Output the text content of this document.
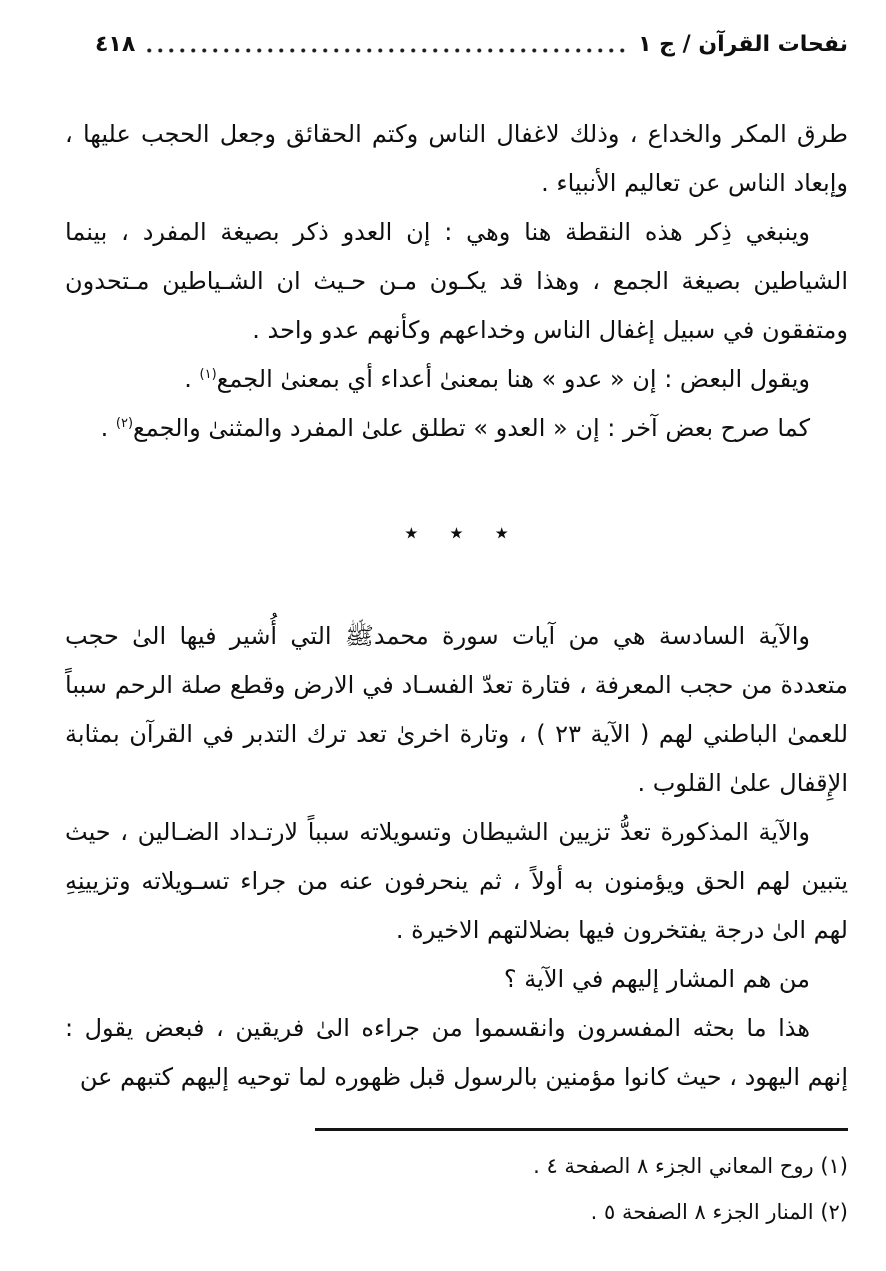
نفحات القرآن / ج ١
٤١٨

طرق المكر والخداع ، وذلك لاغفال الناس وكتم الحقائق وجعل الحجب عليها ، وإبعاد الناس عن تعاليم الأنبياء .

وينبغي ذِكر هذه النقطة هنا وهي : إن العدو ذكر بصيغة المفرد ، بينما الشياطين بصيغة الجمع ، وهذا قد يكـون مـن حـيث ان الشـياطين مـتحدون ومتفقون في سبيل إغفال الناس وخداعهم وكأنهم عدو واحد .

ويقول البعض : إن « عدو » هنا بمعنىٰ أعداء أي بمعنىٰ الجمع$^{(١)}$ .

كما صرح بعض آخر : إن « العدو » تطلق علىٰ المفرد والمثنىٰ والجمع$^{(٢)}$ .

٭ ٭ ٭

والآية السادسة هي من آيات سورة محمدﷺ التي أُشير فيها الىٰ حجب متعددة من حجب المعرفة ، فتارة تعدّ الفسـاد في الارض وقطع صلة الرحم سبباً للعمىٰ الباطني لهم ( الآية ٢٣ ) ، وتارة اخرىٰ تعد ترك التدبر في القرآن بمثابة الإِقفال علىٰ القلوب .

والآية المذكورة تعدُّ تزيين الشيطان وتسويلاته سبباً لارتـداد الضـالين ، حيث يتبين لهم الحق ويؤمنون به أولاً ، ثم ينحرفون عنه من جراء تسـويلاته وتزيينِهِ لهم الىٰ درجة يفتخرون فيها بضلالتهم الاخيرة .

من هم المشار إليهم في الآية ؟

هذا ما بحثه المفسرون وانقسموا من جراءه الىٰ فريقين ، فبعض يقول : إنهم اليهود ، حيث كانوا مؤمنين بالرسول قبل ظهوره لما توحيه إليهم كتبهم عن

(١) روح المعاني الجزء ٨ الصفحة ٤ .
(٢) المنار الجزء ٨ الصفحة ٥ .
